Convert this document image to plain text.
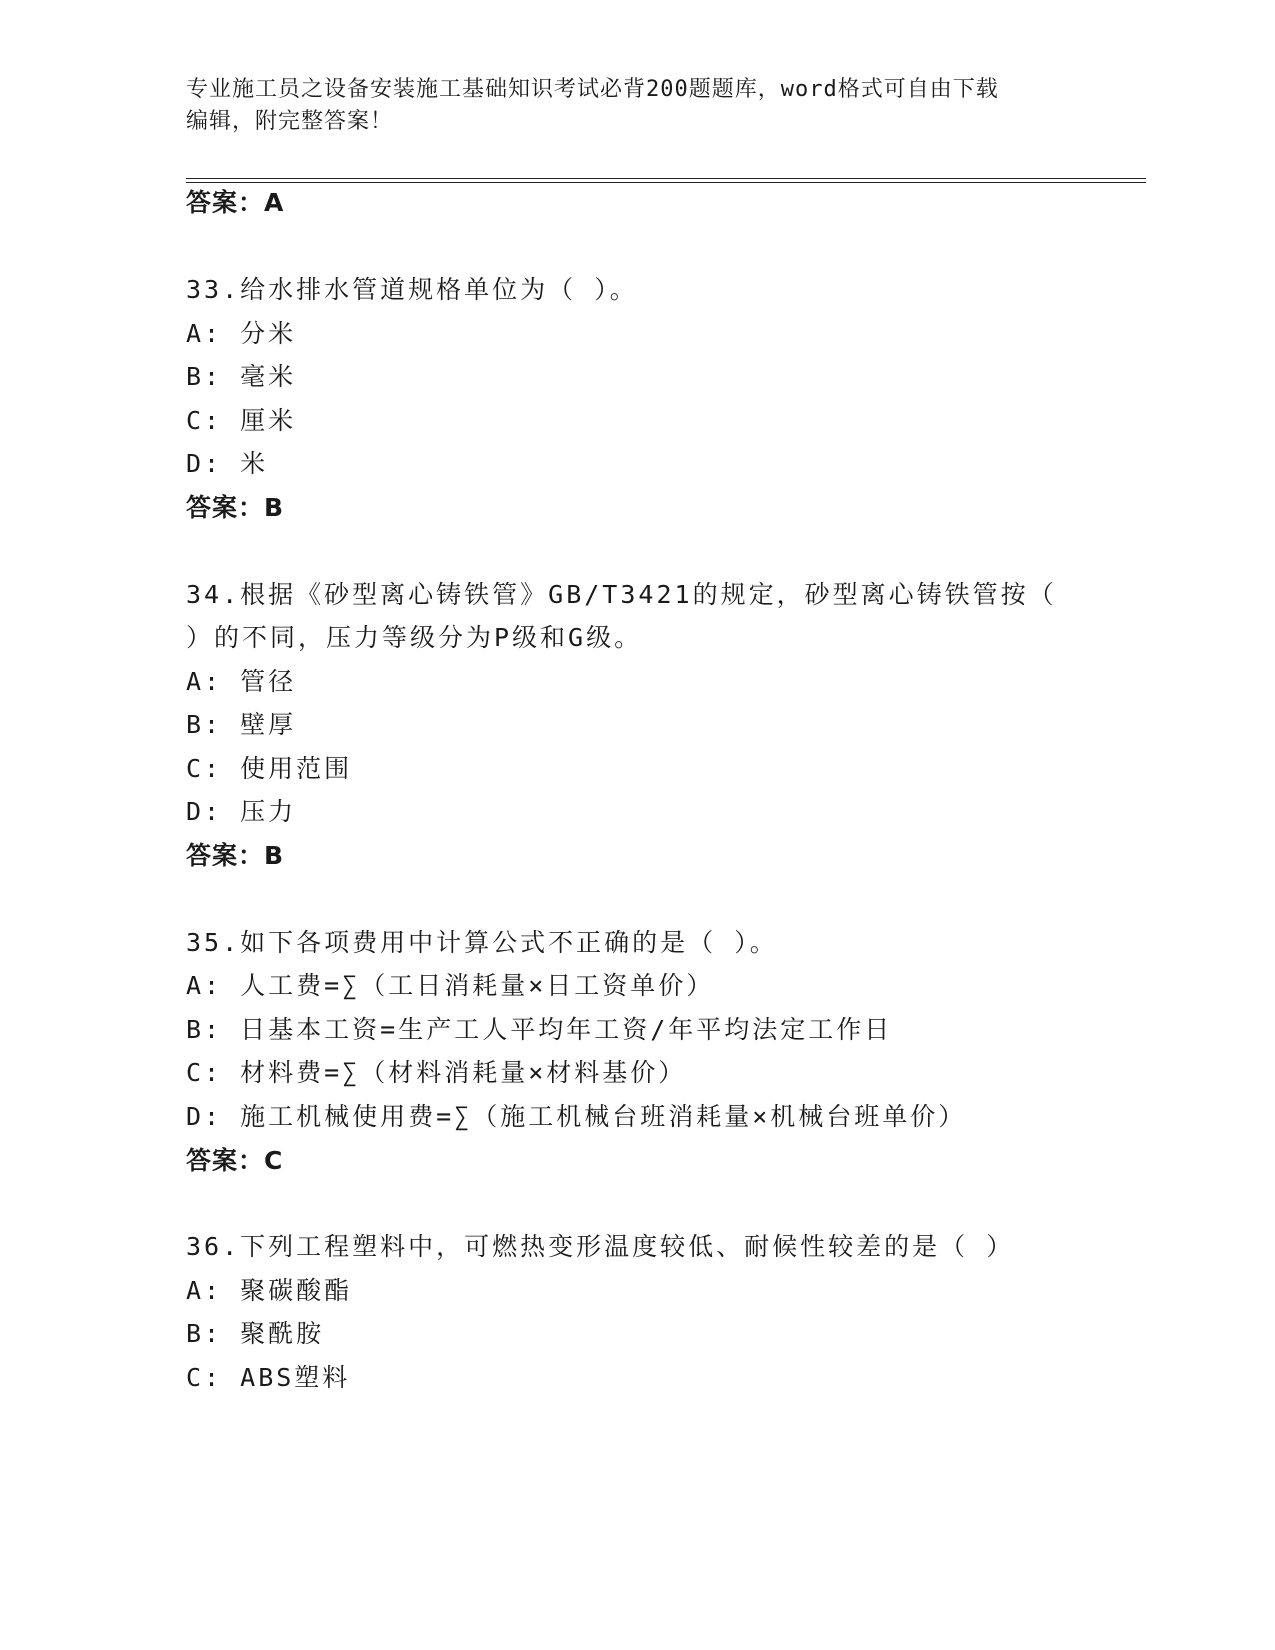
专业施工员之设备安装施工基础知识考试必背200题题库，word格式可自由下载
编辑，附完整答案！
答案：A
33.给水排水管道规格单位为（ ）。
A: 分米
B: 毫米
C: 厘米
D: 米
答案：B
34.根据《砂型离心铸铁管》GB/T3421的规定，砂型离心铸铁管按（
）的不同，压力等级分为P级和G级。
A: 管径
B: 壁厚
C: 使用范围
D: 压力
答案：B
35.如下各项费用中计算公式不正确的是（ ）。
A: 人工费=∑（工日消耗量×日工资单价）
B: 日基本工资=生产工人平均年工资/年平均法定工作日
C: 材料费=∑（材料消耗量×材料基价）
D: 施工机械使用费=∑（施工机械台班消耗量×机械台班单价）
答案：C
36.下列工程塑料中，可燃热变形温度较低、耐候性较差的是（ ）
A: 聚碳酸酯
B: 聚酰胺
C: ABS塑料
